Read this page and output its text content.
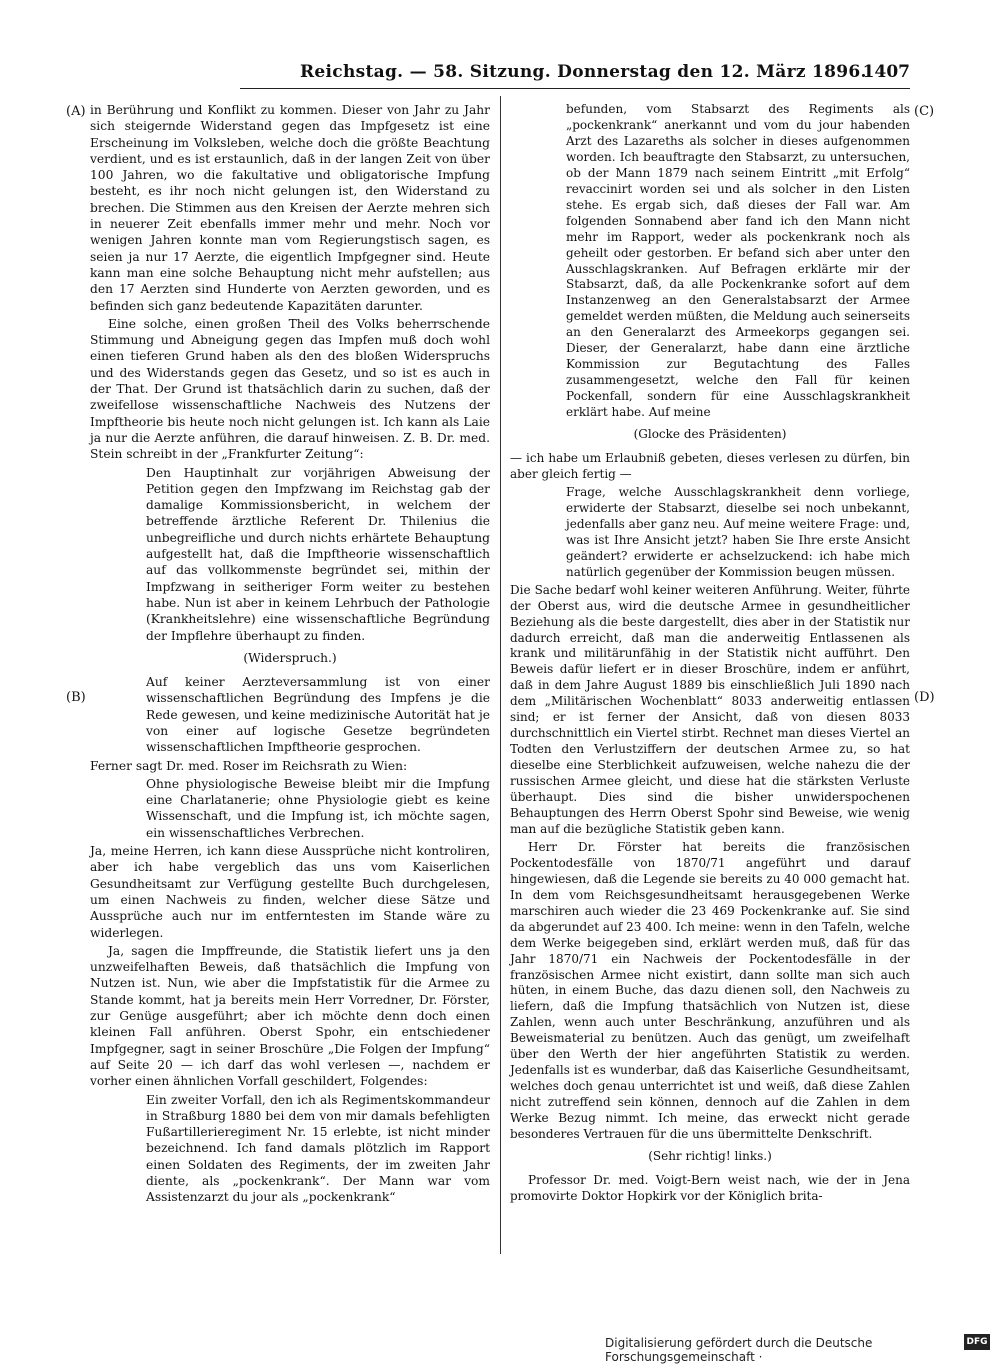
Reichstag. — 58. Sitzung. Donnerstag den 12. März 1896.
1407
(A)
(B)
(C)
(D)

in Berührung und Konflikt zu kommen. Dieser von Jahr zu Jahr sich steigernde Widerstand gegen das Impfgesetz ist eine Erscheinung im Volksleben, welche doch die größte Beachtung verdient, und es ist erstaunlich, daß in der langen Zeit von über 100 Jahren, wo die fakultative und obligatorische Impfung besteht, es ihr noch nicht gelungen ist, den Widerstand zu brechen. Die Stimmen aus den Kreisen der Aerzte mehren sich in neuerer Zeit ebenfalls immer mehr und mehr. Noch vor wenigen Jahren konnte man vom Regierungstisch sagen, es seien ja nur 17 Aerzte, die eigentlich Impfgegner sind. Heute kann man eine solche Behauptung nicht mehr aufstellen; aus den 17 Aerzten sind Hunderte von Aerzten geworden, und es befinden sich ganz bedeutende Kapazitäten darunter.

Eine solche, einen großen Theil des Volks beherrschende Stimmung und Abneigung gegen das Impfen muß doch wohl einen tieferen Grund haben als den des bloßen Widerspruchs und des Widerstands gegen das Gesetz, und so ist es auch in der That. Der Grund ist thatsächlich darin zu suchen, daß der zweifellose wissenschaftliche Nachweis des Nutzens der Impftheorie bis heute noch nicht gelungen ist. Ich kann als Laie ja nur die Aerzte anführen, die darauf hinweisen. Z. B. Dr. med. Stein schreibt in der „Frankfurter Zeitung“:

Den Hauptinhalt zur vorjährigen Abweisung der Petition gegen den Impfzwang im Reichstag gab der damalige Kommissionsbericht, in welchem der betreffende ärztliche Referent Dr. Thilenius die unbegreifliche und durch nichts erhärtete Behauptung aufgestellt hat, daß die Impftheorie wissenschaftlich auf das vollkommenste begründet sei, mithin der Impfzwang in seitheriger Form weiter zu bestehen habe. Nun ist aber in keinem Lehrbuch der Pathologie (Krankheitslehre) eine wissenschaftliche Begründung der Impflehre überhaupt zu finden.

(Widerspruch.)

Auf keiner Aerzteversammlung ist von einer wissenschaftlichen Begründung des Impfens je die Rede gewesen, und keine medizinische Autorität hat je von einer auf logische Gesetze begründeten wissenschaftlichen Impftheorie gesprochen.

Ferner sagt Dr. med. Roser im Reichsrath zu Wien:

Ohne physiologische Beweise bleibt mir die Impfung eine Charlatanerie; ohne Physiologie giebt es keine Wissenschaft, und die Impfung ist, ich möchte sagen, ein wissenschaftliches Verbrechen.

Ja, meine Herren, ich kann diese Aussprüche nicht kontroliren, aber ich habe vergeblich das uns vom Kaiserlichen Gesundheitsamt zur Verfügung gestellte Buch durchgelesen, um einen Nachweis zu finden, welcher diese Sätze und Aussprüche auch nur im entferntesten im Stande wäre zu widerlegen.

Ja, sagen die Impffreunde, die Statistik liefert uns ja den unzweifelhaften Beweis, daß thatsächlich die Impfung von Nutzen ist. Nun, wie aber die Impfstatistik für die Armee zu Stande kommt, hat ja bereits mein Herr Vorredner, Dr. Förster, zur Genüge ausgeführt; aber ich möchte denn doch einen kleinen Fall anführen. Oberst Spohr, ein entschiedener Impfgegner, sagt in seiner Broschüre „Die Folgen der Impfung“ auf Seite 20 — ich darf das wohl verlesen —, nachdem er vorher einen ähnlichen Vorfall geschildert, Folgendes:

Ein zweiter Vorfall, den ich als Regimentskommandeur in Straßburg 1880 bei dem von mir damals befehligten Fußartillerieregiment Nr. 15 erlebte, ist nicht minder bezeichnend. Ich fand damals plötzlich im Rapport einen Soldaten des Regiments, der im zweiten Jahr diente, als „pockenkrank“. Der Mann war vom Assistenzarzt du jour als „pockenkrank“

befunden, vom Stabsarzt des Regiments als „pockenkrank“ anerkannt und vom du jour habenden Arzt des Lazareths als solcher in dieses aufgenommen worden. Ich beauftragte den Stabsarzt, zu untersuchen, ob der Mann 1879 nach seinem Eintritt „mit Erfolg“ revaccinirt worden sei und als solcher in den Listen stehe. Es ergab sich, daß dieses der Fall war. Am folgenden Sonnabend aber fand ich den Mann nicht mehr im Rapport, weder als pockenkrank noch als geheilt oder gestorben. Er befand sich aber unter den Ausschlagskranken. Auf Befragen erklärte mir der Stabsarzt, daß, da alle Pockenkranke sofort auf dem Instanzenweg an den Generalstabsarzt der Armee gemeldet werden müßten, die Meldung auch seinerseits an den Generalarzt des Armeekorps gegangen sei. Dieser, der Generalarzt, habe dann eine ärztliche Kommission zur Begutachtung des Falles zusammengesetzt, welche den Fall für keinen Pockenfall, sondern für eine Ausschlagskrankheit erklärt habe. Auf meine

(Glocke des Präsidenten)

— ich habe um Erlaubniß gebeten, dieses verlesen zu dürfen, bin aber gleich fertig —

Frage, welche Ausschlagskrankheit denn vorliege, erwiderte der Stabsarzt, dieselbe sei noch unbekannt, jedenfalls aber ganz neu. Auf meine weitere Frage: und, was ist Ihre Ansicht jetzt? haben Sie Ihre erste Ansicht geändert? erwiderte er achselzuckend: ich habe mich natürlich gegenüber der Kommission beugen müssen.

Die Sache bedarf wohl keiner weiteren Anführung. Weiter, führte der Oberst aus, wird die deutsche Armee in gesundheitlicher Beziehung als die beste dargestellt, dies aber in der Statistik nur dadurch erreicht, daß man die anderweitig Entlassenen als krank und militärunfähig in der Statistik nicht aufführt. Den Beweis dafür liefert er in dieser Broschüre, indem er anführt, daß in dem Jahre August 1889 bis einschließlich Juli 1890 nach dem „Militärischen Wochenblatt“ 8033 anderweitig entlassen sind; er ist ferner der Ansicht, daß von diesen 8033 durchschnittlich ein Viertel stirbt. Rechnet man dieses Viertel an Todten den Verlustziffern der deutschen Armee zu, so hat dieselbe eine Sterblichkeit aufzuweisen, welche nahezu die der russischen Armee gleicht, und diese hat die stärksten Verluste überhaupt. Dies sind die bisher unwiderspochenen Behauptungen des Herrn Oberst Spohr sind Beweise, wie wenig man auf die bezügliche Statistik geben kann.

Herr Dr. Förster hat bereits die französischen Pockentodesfälle von 1870/71 angeführt und darauf hingewiesen, daß die Legende sie bereits zu 40 000 gemacht hat. In dem vom Reichsgesundheitsamt herausgegebenen Werke marschiren auch wieder die 23 469 Pockenkranke auf. Sie sind da abgerundet auf 23 400. Ich meine: wenn in den Tafeln, welche dem Werke beigegeben sind, erklärt werden muß, daß für das Jahr 1870/71 ein Nachweis der Pockentodesfälle in der französischen Armee nicht existirt, dann sollte man sich auch hüten, in einem Buche, das dazu dienen soll, den Nachweis zu liefern, daß die Impfung thatsächlich von Nutzen ist, diese Zahlen, wenn auch unter Beschränkung, anzuführen und als Beweismaterial zu benützen. Auch das genügt, um zweifelhaft über den Werth der hier angeführten Statistik zu werden. Jedenfalls ist es wunderbar, daß das Kaiserliche Gesundheitsamt, welches doch genau unterrichtet ist und weiß, daß diese Zahlen nicht zutreffend sein können, dennoch auf die Zahlen in dem Werke Bezug nimmt. Ich meine, das erweckt nicht gerade besonderes Vertrauen für die uns übermittelte Denkschrift.

(Sehr richtig! links.)

Professor Dr. med. Voigt-Bern weist nach, wie der in Jena promovirte Doktor Hopkirk vor der Königlich brita-

Digitalisierung gefördert durch die Deutsche Forschungsgemeinschaft ·
DFG
